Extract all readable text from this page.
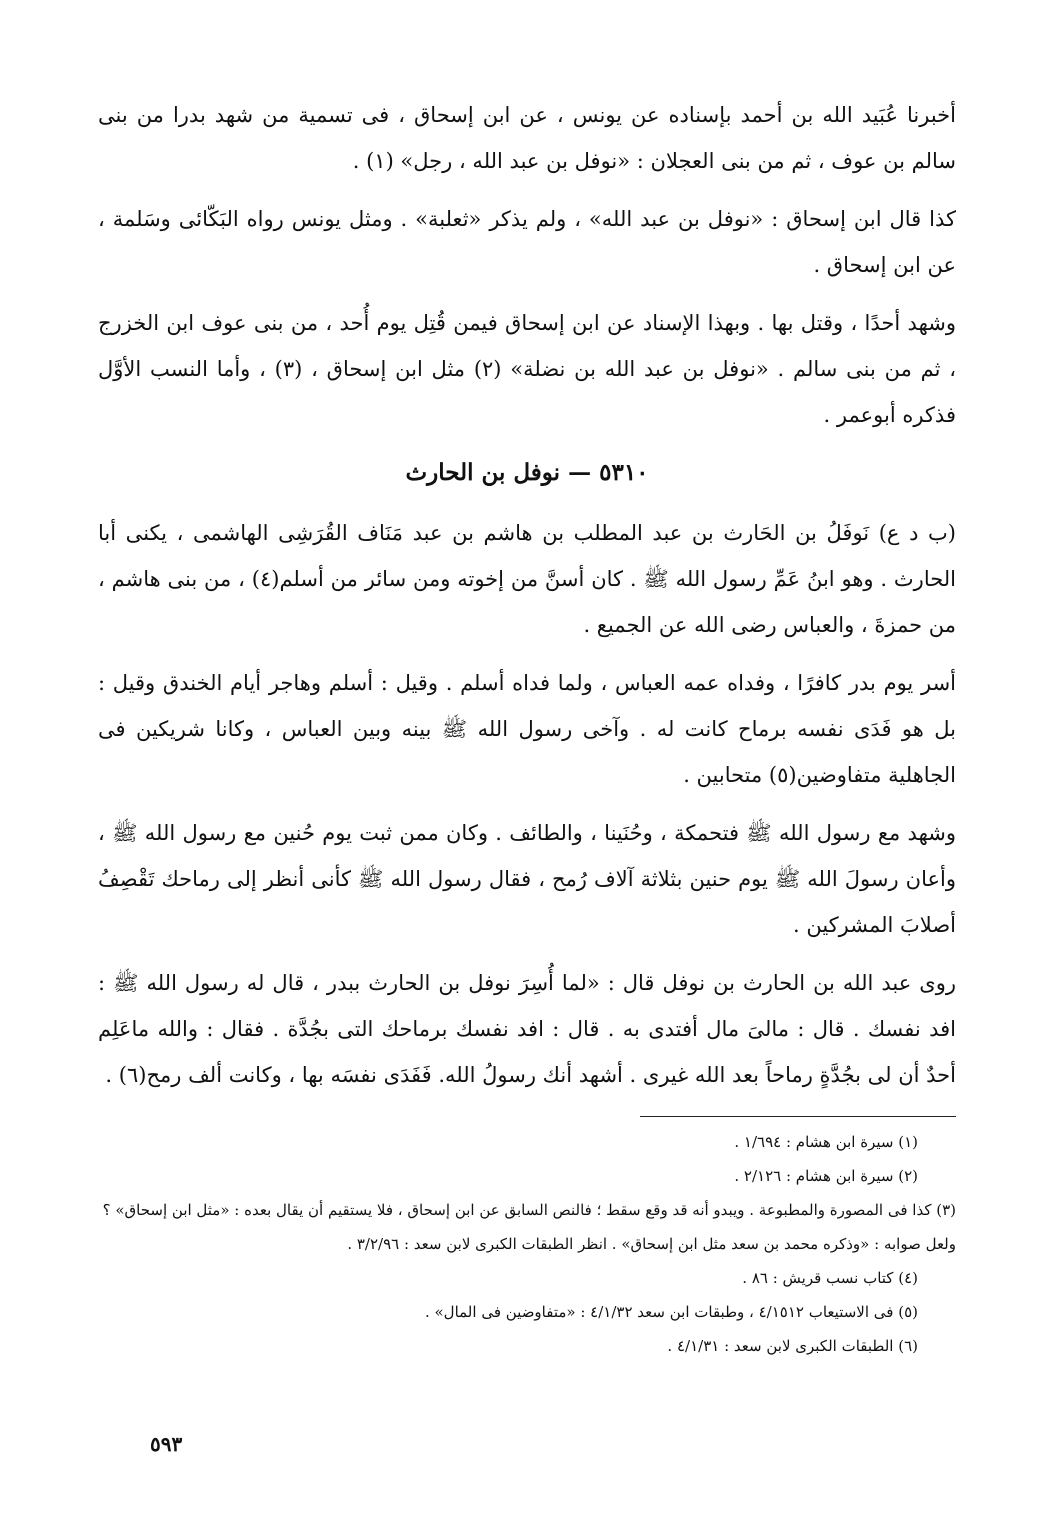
أخبرنا عُبَيد الله بن أحمد بإسناده عن يونس ، عن ابن إسحاق ، فى تسمية من شهد بدرا من بنى سالم بن عوف ، ثم من بنى العجلان : «نوفل بن عبد الله ، رجل» (١) .

كذا قال ابن إسحاق : «نوفل بن عبد الله» ، ولم يذكر «ثعلبة» . ومثل يونس رواه البَكّائى وسَلمة ، عن ابن إسحاق .

وشهد أحدًا ، وقتل بها . وبهذا الإسناد عن ابن إسحاق فيمن قُتِل يوم أُحد ، من بنى عوف ابن الخزرج ، ثم من بنى سالم . «نوفل بن عبد الله بن نضلة» (٢) مثل ابن إسحاق ، (٣) ، وأما النسب الأوَّل فذكره أبوعمر .

٥٣١٠ — نوفل بن الحارث

(ب د ع) نَوفَلُ بن الحَارث بن عبد المطلب بن هاشم بن عبد مَنَاف القُرَشِى الهاشمى ، يكنى أبا الحارث . وهو ابنُ عَمِّ رسول الله ﷺ . كان أسنَّ من إخوته ومن سائر من أسلم(٤) ، من بنى هاشم ، من حمزةَ ، والعباس رضى الله عن الجميع .

أسر يوم بدر كافرًا ، وفداه عمه العباس ، ولما فداه أسلم . وقيل : أسلم وهاجر أيام الخندق وقيل : بل هو فَدَى نفسه برماح كانت له . وآخى رسول الله ﷺ بينه وبين العباس ، وكانا شريكين فى الجاهلية متفاوضين(٥) متحابين .

وشهد مع رسول الله ﷺ فتحمكة ، وحُنَينا ، والطائف . وكان ممن ثبت يوم حُنين مع رسول الله ﷺ ، وأعان رسولَ الله ﷺ يوم حنين بثلاثة آلاف رُمح ، فقال رسول الله ﷺ كأنى أنظر إلى رماحك تَقْصِفُ أصلابَ المشركين .

روى عبد الله بن الحارث بن نوفل قال : «لما أُسِرَ نوفل بن الحارث ببدر ، قال له رسول الله ﷺ : افد نفسك . قال : مالىَ مال أفتدى به . قال : افد نفسك برماحك التى بجُدَّة . فقال : والله ماعَلِم أحدٌ أن لى بجُدَّةٍ رماحاً بعد الله غيرى . أشهد أنك رسولُ الله. فَفَدَى نفسَه بها ، وكانت ألف رمح(٦) .

(١) سيرة ابن هشام : ١/٦٩٤ .
(٢) سيرة ابن هشام : ٢/١٢٦ .
(٣) كذا فى المصورة والمطبوعة . ويبدو أنه قد وقع سقط ؛ فالنص السابق عن ابن إسحاق ، فلا يستقيم أن يقال بعده : «مثل ابن إسحاق» ؟ ولعل صوابه : «وذكره محمد بن سعد مثل ابن إسحاق» . انظر الطبقات الكبرى لابن سعد : ٣/٢/٩٦ .
(٤) كتاب نسب قريش : ٨٦ .
(٥) فى الاستيعاب ٤/١٥١٢ ، وطبقات ابن سعد ٤/١/٣٢ : «متفاوضين فى المال» .
(٦) الطبقات الكبرى لابن سعد : ٤/١/٣١ .
٥٩٣
